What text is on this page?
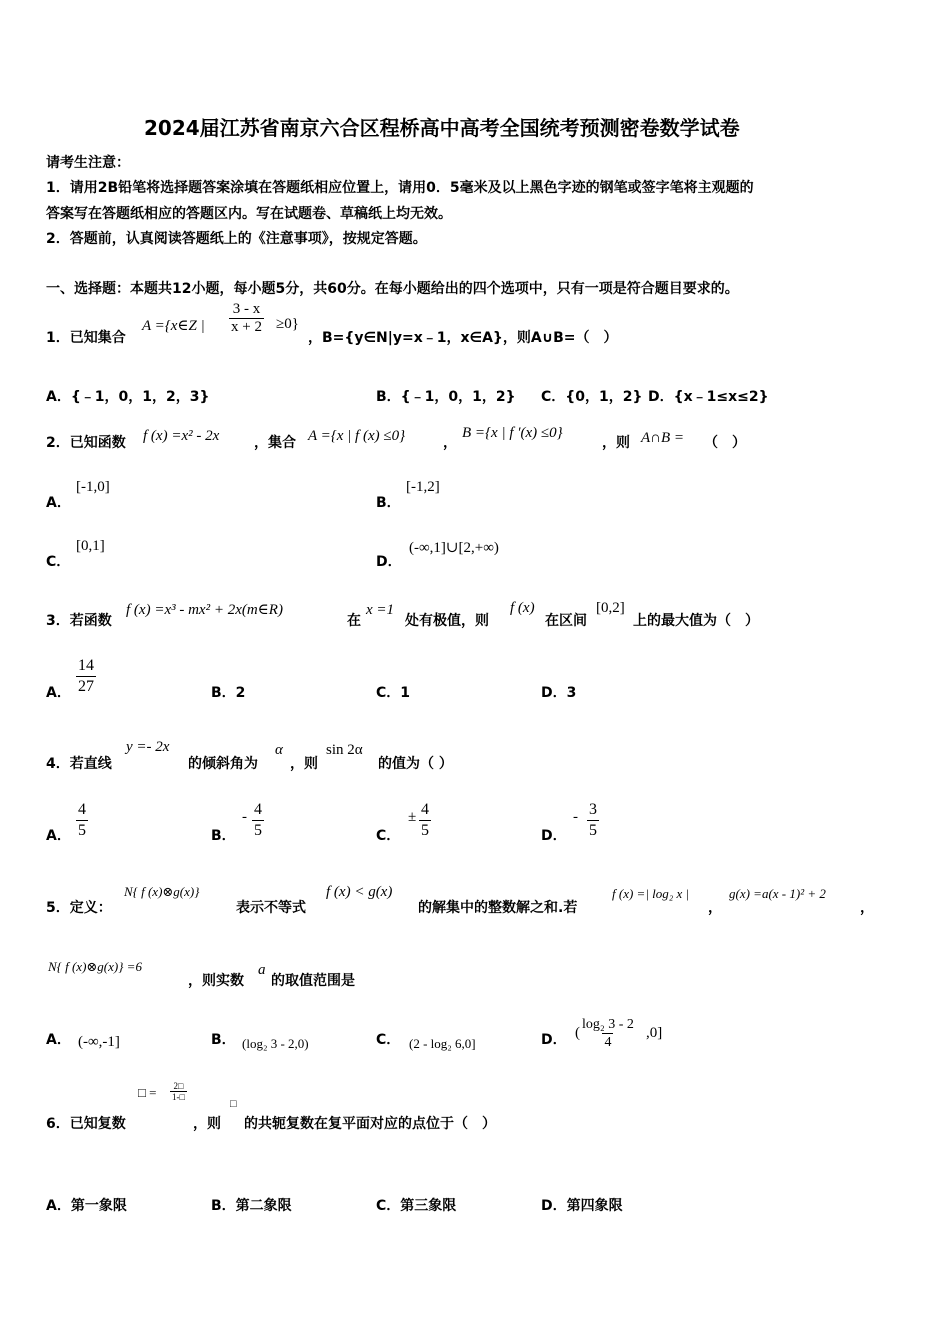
2024届江苏省南京六合区程桥高中高考全国统考预测密卷数学试卷
请考生注意：
1．请用2B铅笔将选择题答案涂填在答题纸相应位置上，请用0．5毫米及以上黑色字迹的钢笔或签字笔将主观题的
答案写在答题纸相应的答题区内。写在试题卷、草稿纸上均无效。
2．答题前，认真阅读答题纸上的《注意事项》，按规定答题。
一、选择题：本题共12小题，每小题5分，共60分。在每小题给出的四个选项中，只有一项是符合题目要求的。
1．已知集合
A ={x∈Z | $\frac{3 - x}{x + 2} \ge 0$}
，B={y∈N|y=x﹣1，x∈A}，则A∪B=（　）
A．{﹣1，0，1，2，3}	B．{﹣1，0，1，2} C．{0，1，2} D．{x﹣1≤x≤2}
2．已知函数 f (x) =x² - 2x ，集合 A ={x | f (x) ≤0}	，
B ={x | f ′(x) ≤0}
，则 A∩B = （　）
A．
[-1,0]
B．
[-1,2]
C．
[0,1]
D．
(-∞,1]∪[2,+∞)
3．若函数
f (x) =x³ - mx² + 2x(m∈R)
在
x =1
处有极值，则
f (x)
在区间
[0,2]
上的最大值为（　）
A． $\frac{14}{27}$	B．2	C．1	D．3
4．若直线
y =- 2x
的倾斜角为
α
，则
sin 2α
的值为（ ）
A． $\frac{4}{5}$	B．
- $\frac{4}{5}$	C．
± $\frac{4}{5}$	D．
- $\frac{3}{5}$
5．定义：
N{ f (x)⊗g(x)}
表示不等式
f (x) < g(x)
的解集中的整数解之和.若
f (x) =| log₂ x |
，
g(x) =a(x - 1)² + 2
，
N{ f (x)⊗g(x)} =6
，则实数
a
的取值范围是
A． (-∞,-1]	B． (log₂ 3 - 2,0)	C． (2 - log₂ 6,0]	D． ( $\frac{\text{log₂ 3 - 2}}{4} ,0$]
6．已知复数
□ = $\frac{2□}{1-□}$
，则
□
的共轭复数在复平面对应的点位于（　）
A．第一象限	B．第二象限	C．第三象限	D．第四象限
